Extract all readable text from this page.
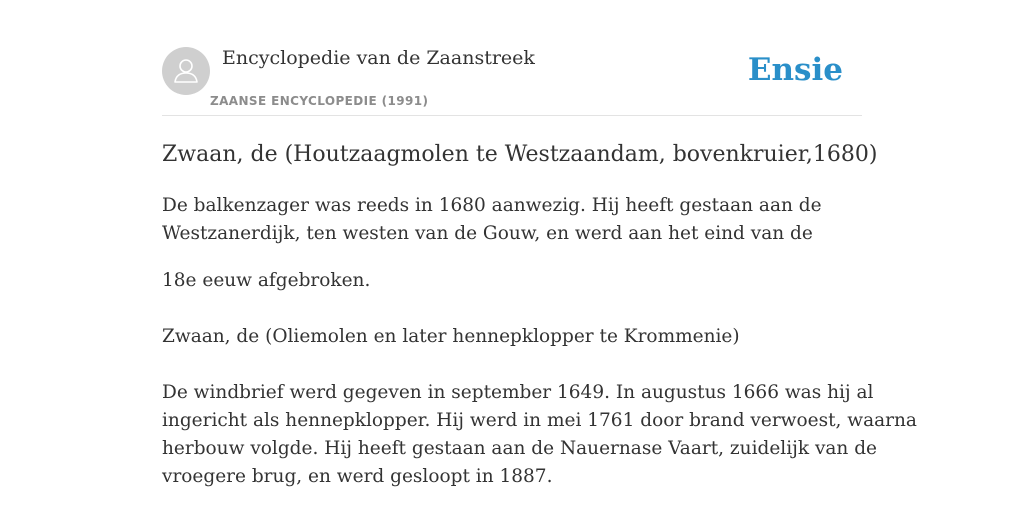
Encyclopedie van de Zaanstreek
ZAANSE ENCYCLOPEDIE (1991)
Ensie
Zwaan, de (Houtzaagmolen te Westzaandam, bovenkruier,1680)

De balkenzager was reeds in 1680 aanwezig. Hij heeft gestaan aan de
Westzanerdijk, ten westen van de Gouw, en werd aan het eind van de

18e eeuw afgebroken.

Zwaan, de (Oliemolen en later hennepklopper te Krommenie)

De windbrief werd gegeven in september 1649. In augustus 1666 was hij al
ingericht als hennepklopper. Hij werd in mei 1761 door brand verwoest, waarna
herbouw volgde. Hij heeft gestaan aan de Nauernase Vaart, zuidelijk van de
vroegere brug, en werd gesloopt in 1887.
